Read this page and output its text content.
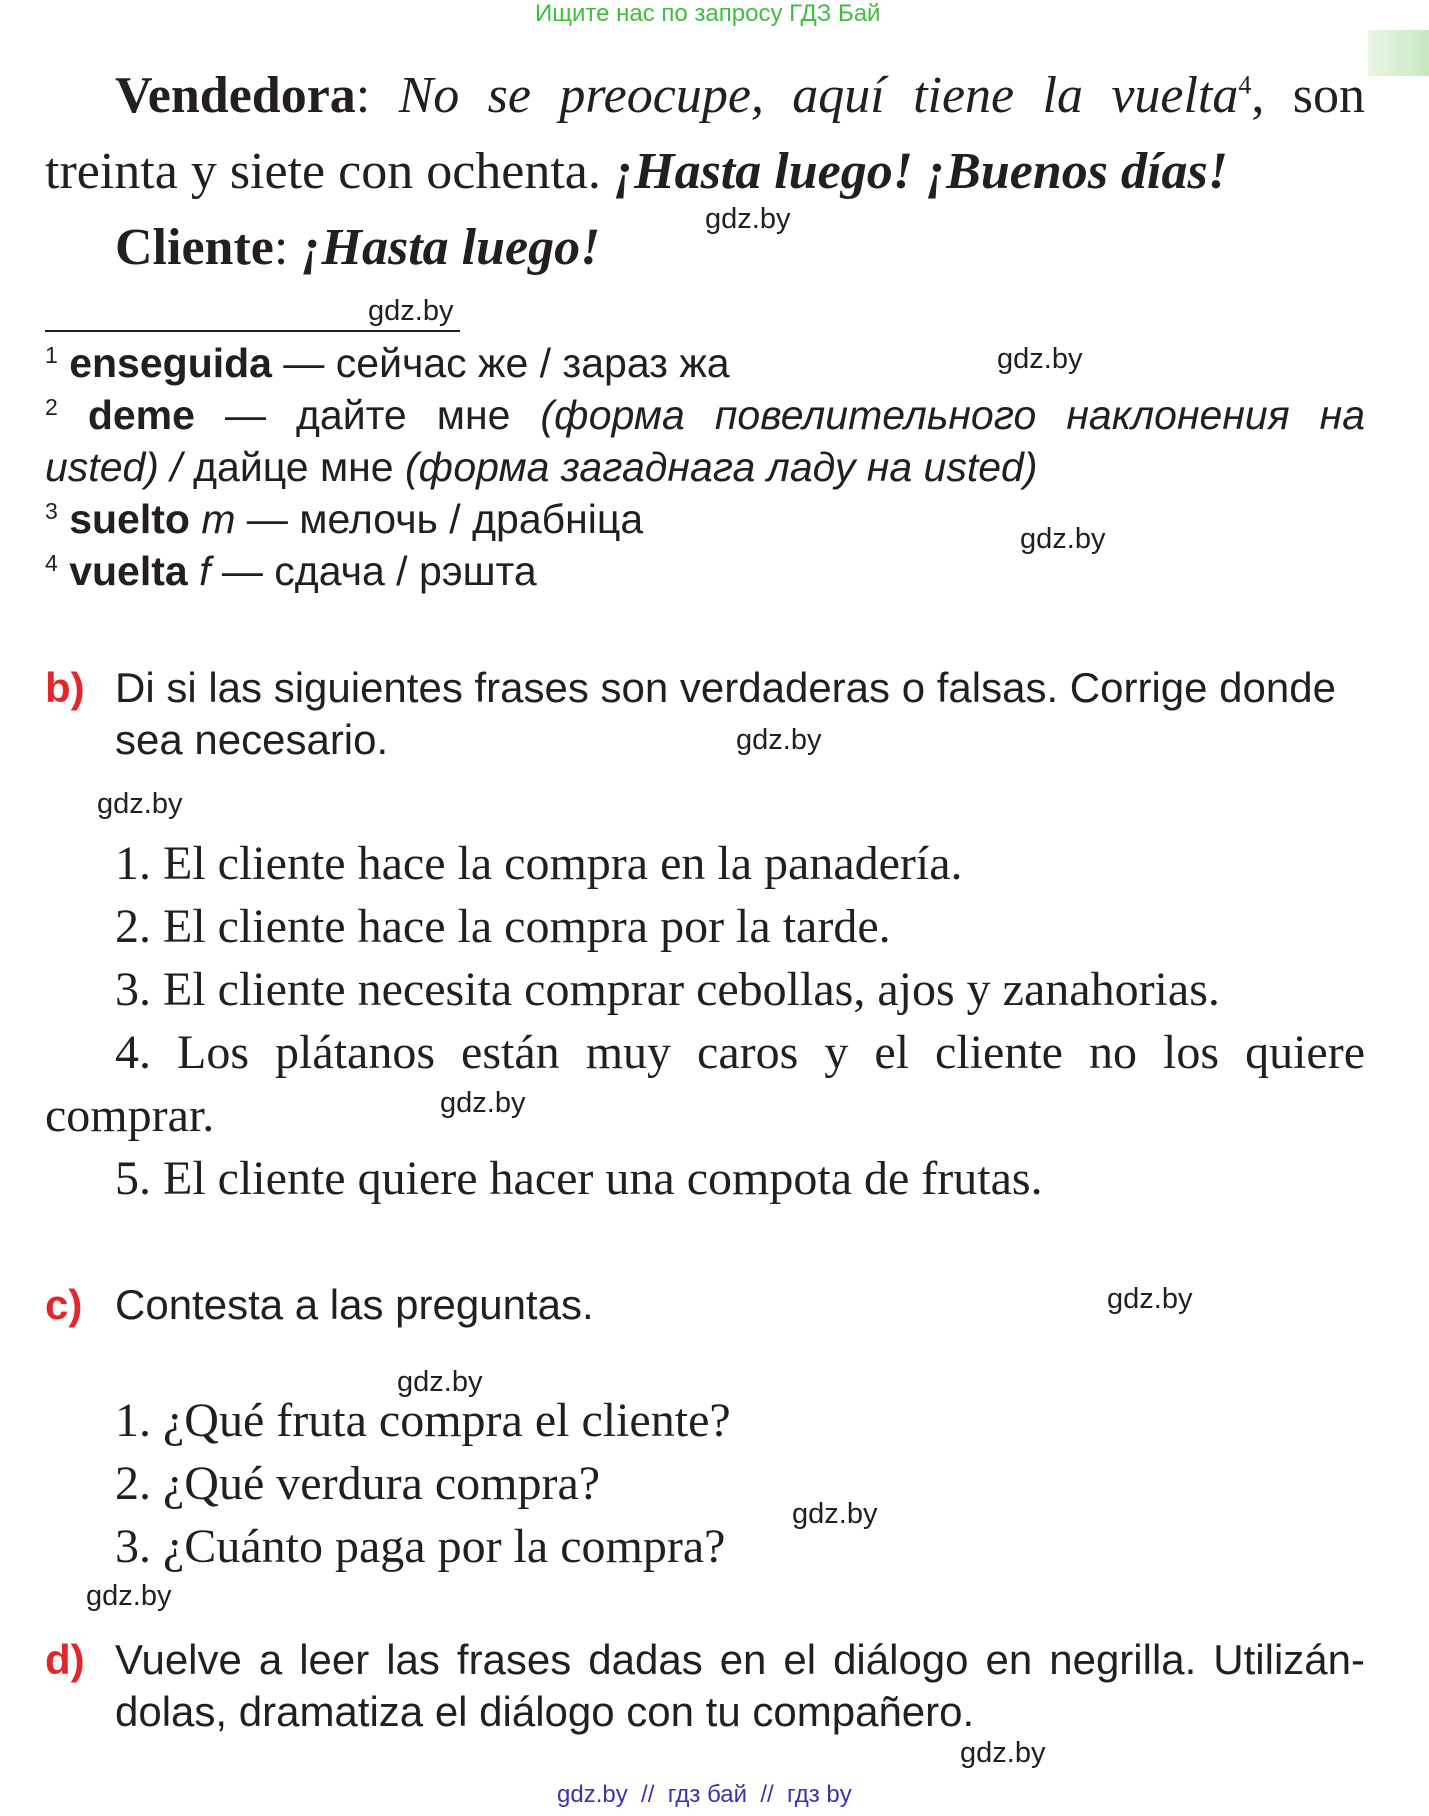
Ищите нас по запросу ГДЗ Бай
Vendedora: No se preocupe, aquí tiene la vuelta$^4$, son
treinta y siete con ochenta. ¡Hasta luego! ¡Buenos días!
Cliente: ¡Hasta luego!
$^1$ enseguida — сейчас же / зараз жа
$^2$ deme — дайте мне (форма повелительного наклонения на
usted) / дайце мне (форма загаднага ладу на usted)
$^3$ suelto m — мелочь / драбніца
$^4$ vuelta f — сдача / рэшта
b) Di si las siguientes frases son verdaderas o falsas. Corrige donde
sea necesario.
1. El cliente hace la compra en la panadería.
2. El cliente hace la compra por la tarde.
3. El cliente necesita comprar cebollas, ajos y zanahorias.
4. Los plátanos están muy caros y el cliente no los quiere
comprar.
5. El cliente quiere hacer una compota de frutas.
c) Contesta a las preguntas.
1. ¿Qué fruta compra el cliente?
2. ¿Qué verdura compra?
3. ¿Cuánto paga por la compra?
d) Vuelve a leer las frases dadas en el diálogo en negrilla. Utilizán-
dolas, dramatiza el diálogo con tu compañero.
gdz.by
gdz.by
gdz.by
gdz.by
gdz.by
gdz.by
gdz.by
gdz.by
gdz.by
gdz.by
gdz.by
gdz.by
gdz.by  //  гдз бай  //  гдз by
